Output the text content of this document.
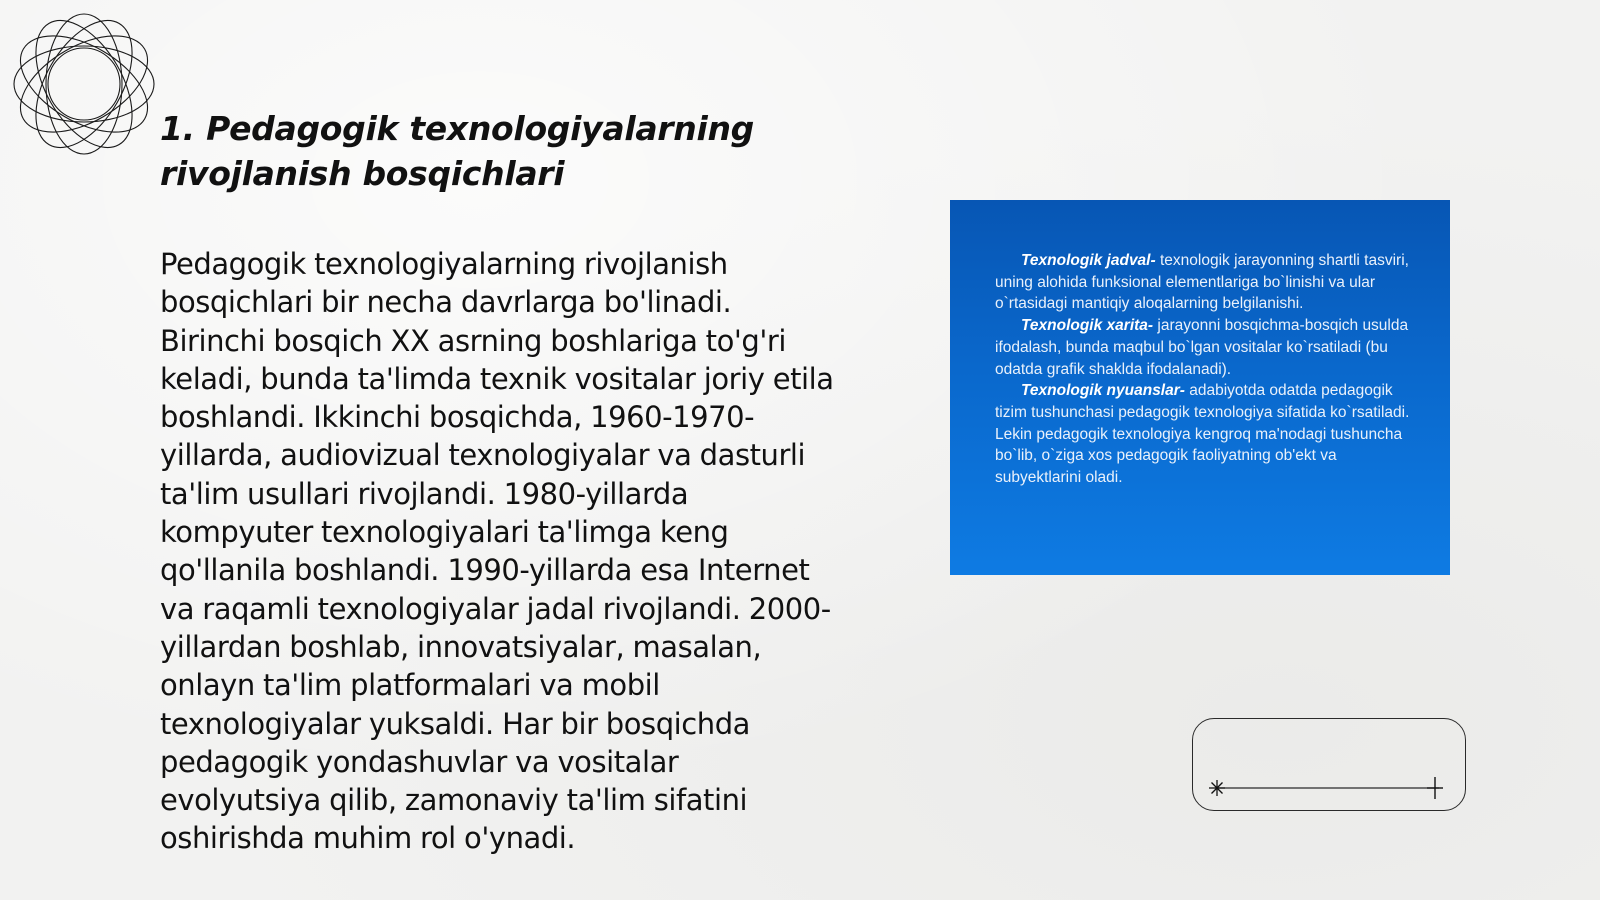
1. Pedagogik texnologiyalarning rivojlanish bosqichlari

Pedagogik texnologiyalarning rivojlanish bosqichlari bir necha davrlarga bo'linadi. Birinchi bosqich XX asrning boshlariga to'g'ri keladi, bunda ta'limda texnik vositalar joriy etila boshlandi. Ikkinchi bosqichda, 1960-1970-yillarda, audiovizual texnologiyalar va dasturli ta'lim usullari rivojlandi. 1980-yillarda kompyuter texnologiyalari ta'limga keng qo'llanila boshlandi. 1990-yillarda esa Internet va raqamli texnologiyalar jadal rivojlandi. 2000-yillardan boshlab, innovatsiyalar, masalan, onlayn ta'lim platformalari va mobil texnologiyalar yuksaldi. Har bir bosqichda pedagogik yondashuvlar va vositalar evolyutsiya qilib, zamonaviy ta'lim sifatini oshirishda muhim rol o'ynadi.

Texnologik jadval- texnologik jarayonning shartli tasviri, uning alohida funksional elementlariga bo`linishi va ular o`rtasidagi mantiqiy aloqalarning belgilanishi.

Texnologik xarita- jarayonni bosqichma-bosqich usulda ifodalash, bunda maqbul bo`lgan vositalar ko`rsatiladi (bu odatda grafik shaklda ifodalanadi).

Texnologik nyuanslar- adabiyotda odatda pedagogik tizim tushunchasi pedagogik texnologiya sifatida ko`rsatiladi. Lekin pedagogik texnologiya kengroq ma'nodagi tushuncha bo`lib, o`ziga xos pedagogik faoliyatning ob'ekt va subyektlarini oladi.
